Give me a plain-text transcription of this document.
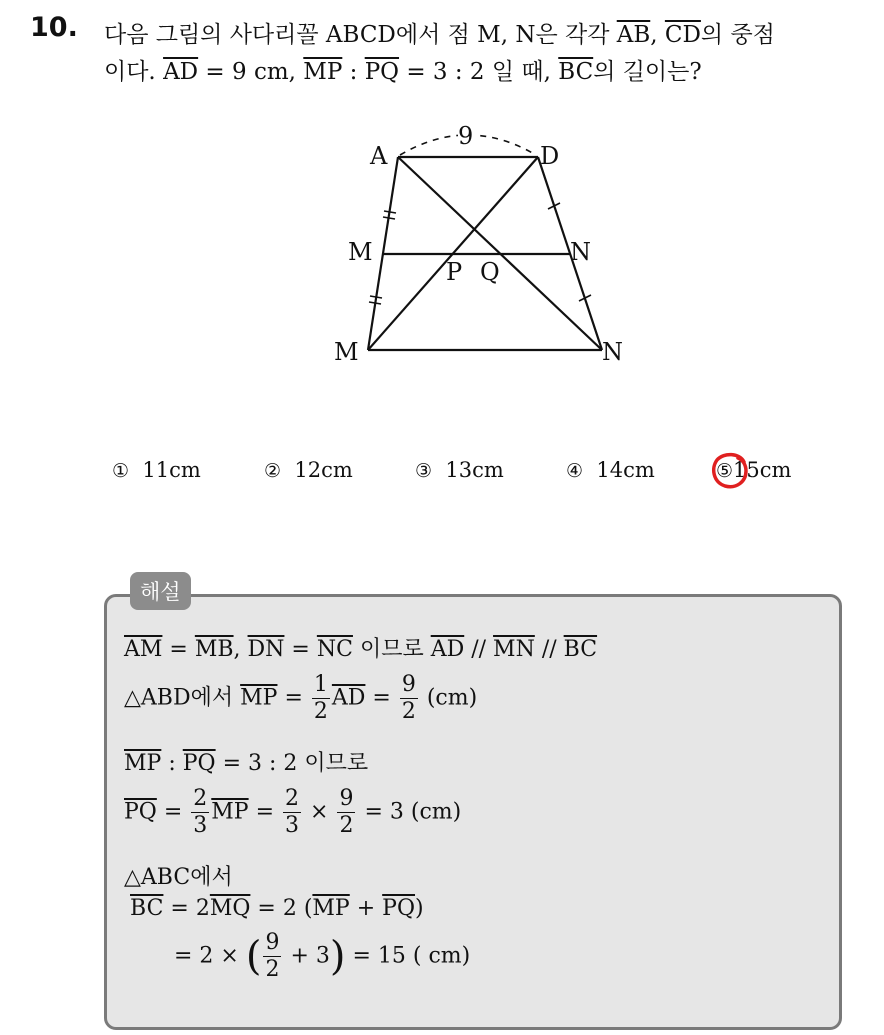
10. 다음 그림의 사다리꼴 ABCD에서 점 M, N은 각각 $\overline{AB}$, $\overline{CD}$의 중점
이다. $\overline{AD} = 9$ cm, $\overline{MP}$ : $\overline{PQ} = 3$ : 2 일 때, $\overline{BC}$의 길이는?
9
A	D
M	N
P Q
M	N
① 11cm	② 12cm	③ 13cm	④ 14cm	⑤15cm
해설
$\overline{AM} = \overline{MB}$, $\overline{DN} = \overline{NC}$ 이므로 $\overline{AD} // \overline{MN} // \overline{BC}$
△ABD에서 $\overline{MP} = \frac{1}{2} \overline{AD} = \frac{9}{2} (cm)$
$\overline{MP}$ : $\overline{PQ} = 3$ : 2 이므로
$\overline{PQ} = \frac{2}{3} \overline{MP} = \frac{2}{3} \times \frac{9}{2} = 3$ (cm)
△ABC에서
$\overline{BC} = 2\overline{MQ} = 2$ $(\overline{MP} + \overline{PQ})$
= 2 × ( $\frac{9}{2} + 3) = 15$ ( cm)
